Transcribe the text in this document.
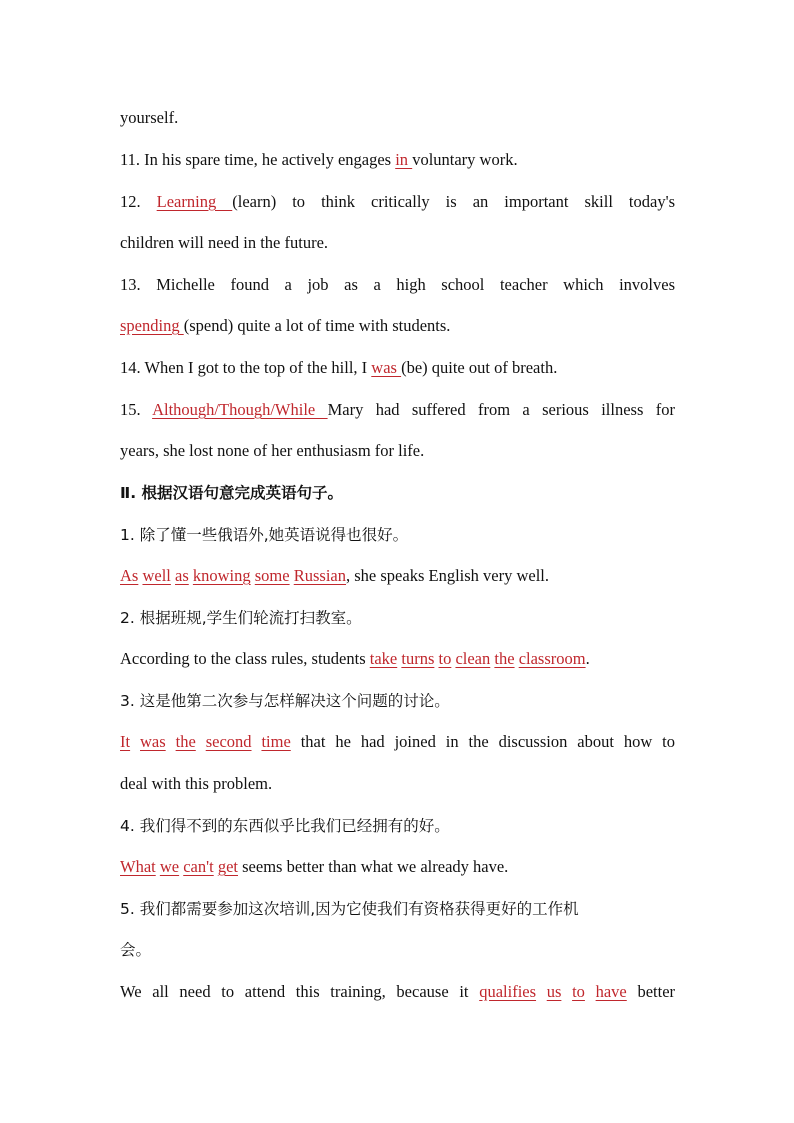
yourself.
11. In his spare time, he actively engages in voluntary work.
12. Learning (learn) to think critically is an important skill today's
children will need in the future.
13. Michelle found a job as a high school teacher which involves
spending (spend) quite a lot of time with students.
14. When I got to the top of the hill, I was (be) quite out of breath.
15. Although/Though/While Mary had suffered from a serious illness for
years, she lost none of her enthusiasm for life.
Ⅱ. 根据汉语句意完成英语句子。
1. 除了懂一些俄语外,她英语说得也很好。
As well as knowing some Russian, she speaks English very well.
2. 根据班规,学生们轮流打扫教室。
According to the class rules, students take turns to clean the classroom.
3. 这是他第二次参与怎样解决这个问题的讨论。
It was the second time that he had joined in the discussion about how to
deal with this problem.
4. 我们得不到的东西似乎比我们已经拥有的好。
What we can't get seems better than what we already have.
5. 我们都需要参加这次培训,因为它使我们有资格获得更好的工作机
会。
We all need to attend this training, because it qualifies us to have better
